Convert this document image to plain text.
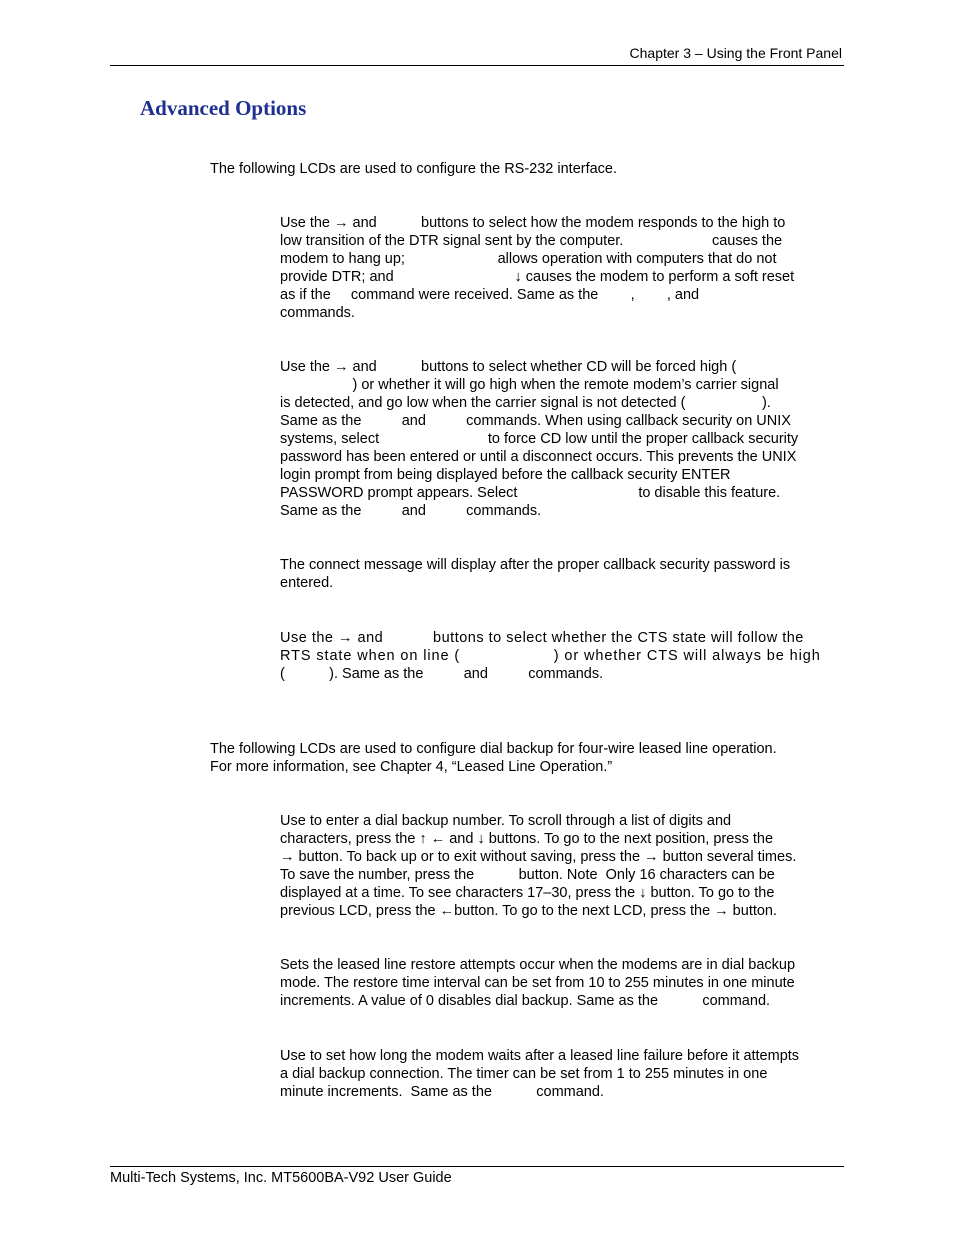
Chapter 3 – Using the Front Panel
Advanced Options
The following LCDs are used to configure the RS-232 interface.
Use the → and           buttons to select how the modem responds to the high to
low transition of the DTR signal sent by the computer.                      causes the
modem to hang up;                       allows operation with computers that do not
provide DTR; and                              ↓ causes the modem to perform a soft reset
as if the     command were received. Same as the        ,        , and
commands.
Use the → and           buttons to select whether CD will be forced high (
) or whether it will go high when the remote modem’s carrier signal
is detected, and go low when the carrier signal is not detected (                   ).
Same as the          and          commands. When using callback security on UNIX
systems, select                           to force CD low until the proper callback security
password has been entered or until a disconnect occurs. This prevents the UNIX
login prompt from being displayed before the callback security ENTER
PASSWORD prompt appears. Select                              to disable this feature.
Same as the          and          commands.
The connect message will display after the proper callback security password is
entered.
Use the → and           buttons to select whether the CTS state will follow the
RTS state when on line (                   ) or whether CTS will always be high
(           ). Same as the          and          commands.
The following LCDs are used to configure dial backup for four-wire leased line operation.
For more information, see Chapter 4, “Leased Line Operation.”
Use to enter a dial backup number. To scroll through a list of digits and
characters, press the ↑ ← and ↓ buttons. To go to the next position, press the
→ button. To back up or to exit without saving, press the → button several times.
To save the number, press the           button. Note  Only 16 characters can be
displayed at a time. To see characters 17–30, press the ↓ button. To go to the
previous LCD, press the ←button. To go to the next LCD, press the → button.
Sets the leased line restore attempts occur when the modems are in dial backup
mode. The restore time interval can be set from 10 to 255 minutes in one minute
increments. A value of 0 disables dial backup. Same as the           command.
Use to set how long the modem waits after a leased line failure before it attempts
a dial backup connection. The timer can be set from 1 to 255 minutes in one
minute increments.  Same as the           command.
Multi-Tech Systems, Inc. MT5600BA-V92 User Guide
